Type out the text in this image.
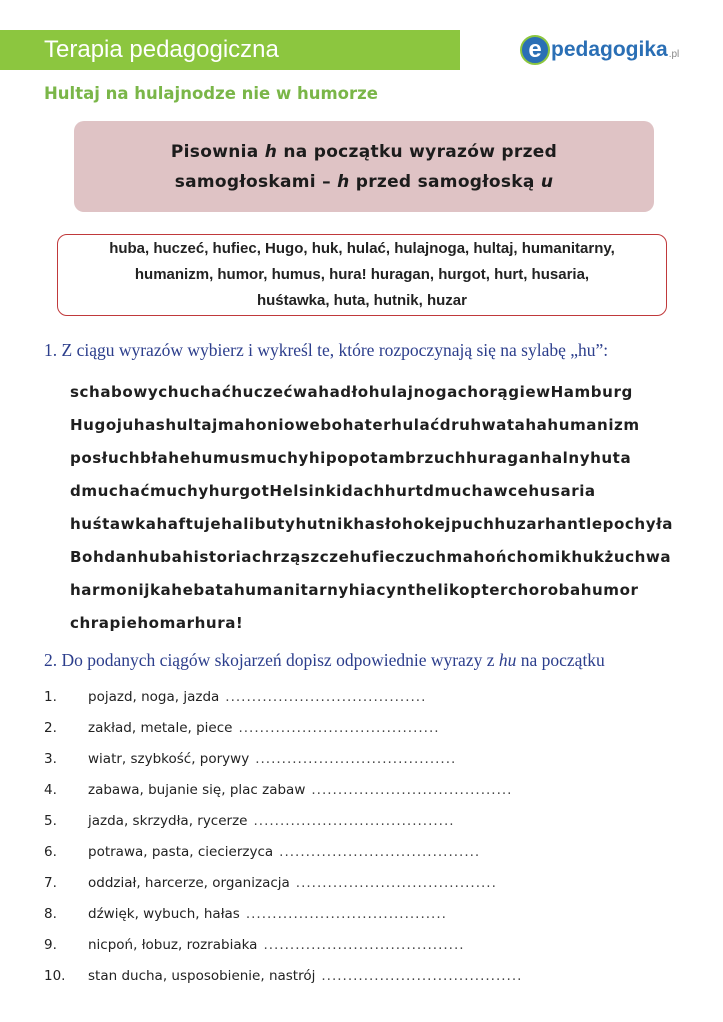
Terapia pedagogiczna	e pedagogika .pl
Hultaj na hulajnodze nie w humorze
Pisownia h na początku wyrazów przed
samogłoskami – h przed samogłoską u
huba, huczeć, hufiec, Hugo, huk, hulać, hulajnoga, hultaj, humanitarny,
humanizm, humor, humus, hura! huragan, hurgot, hurt, husaria,
huśtawka, huta, hutnik, huzar
1. Z ciągu wyrazów wybierz i wykreśl te, które rozpoczynają się na sylabę „hu”:
schabowychuchaćhuczećwahadłohulajnogachorągiewHamburg
Hugojuhashultajmahoniowebohaterhulaćdruhwatahahumanizm
posłuchbłahehumusmuchyhipopotambrzuchhuraganhalnyhuta
dmuchaćmuchyhurgotHelsinkidachhurtdmuchawcehusaria
huśtawkahaftujehalibutyhutnikhasłohokejpuchhuzarhantlepochyła
Bohdanhubahistoriachrząszczehufieczuchmahońchomikhukżuchwa
harmonijkahebatahumanitarnyhiacynthelikopterchorobahumor
chrapiehomarhura!
2. Do podanych ciągów skojarzeń dopisz odpowiednie wyrazy z hu na początku
1.	pojazd, noga, jazda ......................................
2.	zakład, metale, piece ......................................
3.	wiatr, szybkość, porywy ......................................
4.	zabawa, bujanie się, plac zabaw ......................................
5.	jazda, skrzydła, rycerze ......................................
6.	potrawa, pasta, ciecierzyca ......................................
7.	oddział, harcerze, organizacja ......................................
8.	dźwięk, wybuch, hałas ......................................
9.	nicpoń, łobuz, rozrabiaka ......................................
10.	stan ducha, usposobienie, nastrój ......................................
